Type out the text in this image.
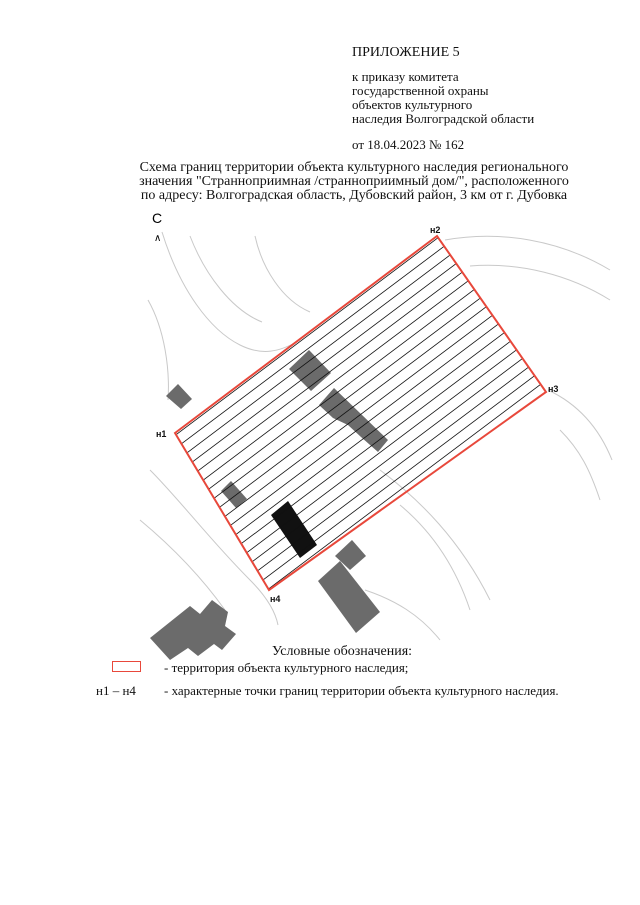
ПРИЛОЖЕНИЕ 5
к приказу комитета
государственной охраны
объектов культурного
наследия Волгоградской области
от 18.04.2023 № 162
Схема границ территории объекта культурного наследия регионального
значения "Странноприимная /странноприимный дом/", расположенного
по адресу: Волгоградская область, Дубовский район, 3 км от г. Дубовка
н1
н2
н3
н4
С
∧
Условные обозначения:
- территория объекта культурного наследия;
н1 – н4 - характерные точки границ территории объекта культурного наследия.
